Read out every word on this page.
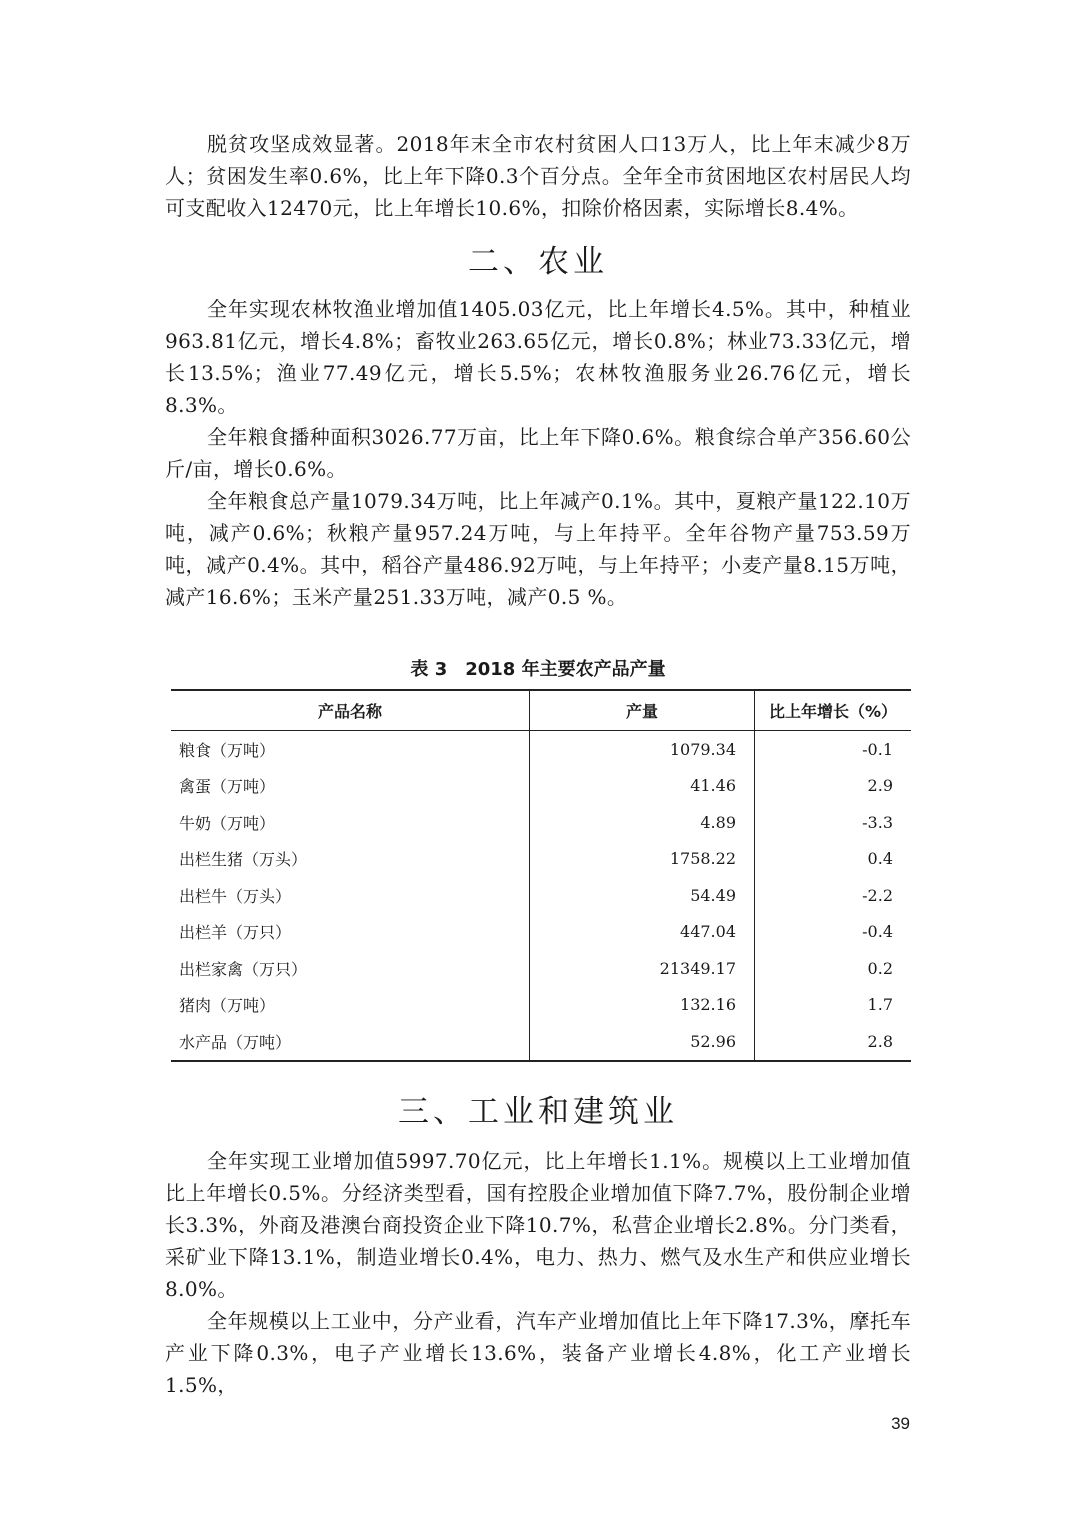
脱贫攻坚成效显著。2018年末全市农村贫困人口13万人，比上年末减少8万人；贫困发生率0.6%，比上年下降0.3个百分点。全年全市贫困地区农村居民人均可支配收入12470元，比上年增长10.6%，扣除价格因素，实际增长8.4%。

二、农业

全年实现农林牧渔业增加值1405.03亿元，比上年增长4.5%。其中，种植业963.81亿元，增长4.8%；畜牧业263.65亿元，增长0.8%；林业73.33亿元，增长13.5%；渔业77.49亿元，增长5.5%；农林牧渔服务业26.76亿元，增长8.3%。

全年粮食播种面积3026.77万亩，比上年下降0.6%。粮食综合单产356.60公斤/亩，增长0.6%。

全年粮食总产量1079.34万吨，比上年减产0.1%。其中，夏粮产量122.10万吨，减产0.6%；秋粮产量957.24万吨，与上年持平。全年谷物产量753.59万吨，减产0.4%。其中，稻谷产量486.92万吨，与上年持平；小麦产量8.15万吨，减产16.6%；玉米产量251.33万吨，减产0.5 %。

表 3　2018 年主要农产品产量
产品名称	产量	比上年增长（%）
粮食（万吨）	1079.34	-0.1
禽蛋（万吨）	41.46	2.9
牛奶（万吨）	4.89	-3.3
出栏生猪（万头）	1758.22	0.4
出栏牛（万头）	54.49	-2.2
出栏羊（万只）	447.04	-0.4
出栏家禽（万只）	21349.17	0.2
猪肉（万吨）	132.16	1.7
水产品（万吨）	52.96	2.8
三、工业和建筑业

全年实现工业增加值5997.70亿元，比上年增长1.1%。规模以上工业增加值比上年增长0.5%。分经济类型看，国有控股企业增加值下降7.7%，股份制企业增长3.3%，外商及港澳台商投资企业下降10.7%，私营企业增长2.8%。分门类看，采矿业下降13.1%，制造业增长0.4%，电力、热力、燃气及水生产和供应业增长8.0%。

全年规模以上工业中，分产业看，汽车产业增加值比上年下降17.3%，摩托车产业下降0.3%，电子产业增长13.6%，装备产业增长4.8%，化工产业增长1.5%，

39
